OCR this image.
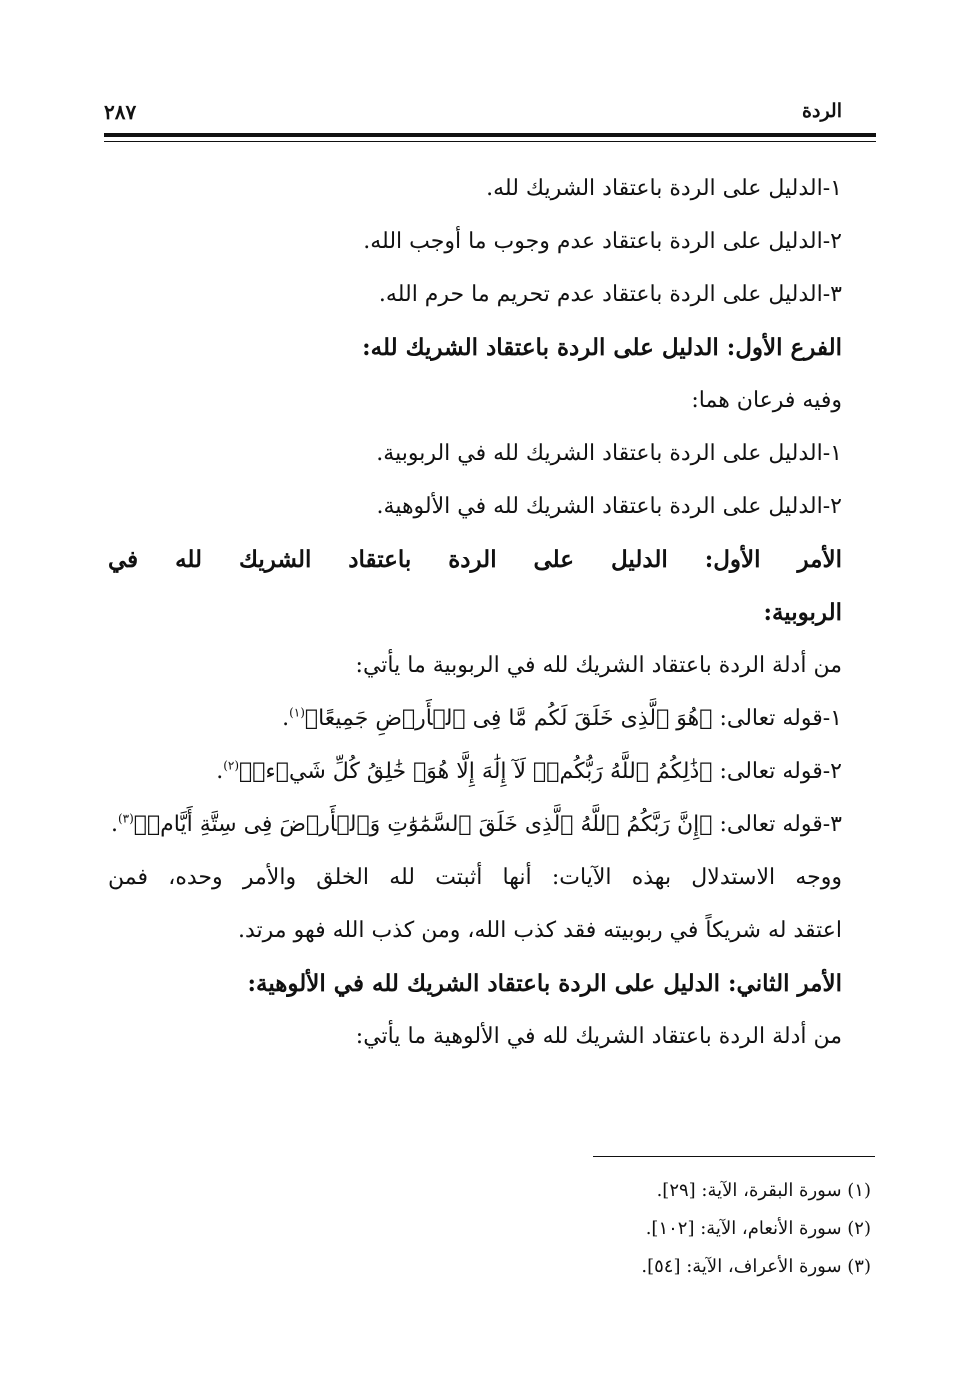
الردة
٢٨٧
١-الدليل على الردة باعتقاد الشريك لله.
٢-الدليل على الردة باعتقاد عدم وجوب ما أوجب الله.
٣-الدليل على الردة باعتقاد عدم تحريم ما حرم الله.
الفرع الأول: الدليل على الردة باعتقاد الشريك لله:
وفيه فرعان هما:
١-الدليل على الردة باعتقاد الشريك لله في الربوبية.
٢-الدليل على الردة باعتقاد الشريك لله في الألوهية.
الأمر الأول: الدليل على الردة باعتقاد الشريك لله في
الربوبية:
من أدلة الردة باعتقاد الشريك لله في الربوبية ما يأتي:
١-قوله تعالى: ﴿هُوَ ٱلَّذِى خَلَقَ لَكُم مَّا فِى ٱلۡأَرۡضِ جَمِيعًا﴾$^{(١)}$.
٢-قوله تعالى: ﴿ذَٰلِكُمُ ٱللَّهُ رَبُّكُمۡۖ لَآ إِلَٰهَ إِلَّا هُوَۖ خَٰلِقُ كُلِّ شَيۡءٖ﴾$^{(٢)}$.
٣-قوله تعالى: ﴿إِنَّ رَبَّكُمُ ٱللَّهُ ٱلَّذِى خَلَقَ ٱلسَّمَٰوَٰتِ وَٱلۡأَرۡضَ فِى سِتَّةِ أَيَّامٖ﴾$^{(٣)}$.
ووجه الاستدلال بهذه الآيات: أنها أثبتت لله الخلق والأمر وحده، فمن
اعتقد له شريكاً في ربوبيته فقد كذب الله، ومن كذب الله فهو مرتد.
الأمر الثاني: الدليل على الردة باعتقاد الشريك لله في الألوهية:
من أدلة الردة باعتقاد الشريك لله في الألوهية ما يأتي:
(١) سورة البقرة، الآية: [٢٩].
(٢) سورة الأنعام، الآية: [١٠٢].
(٣) سورة الأعراف، الآية: [٥٤].
